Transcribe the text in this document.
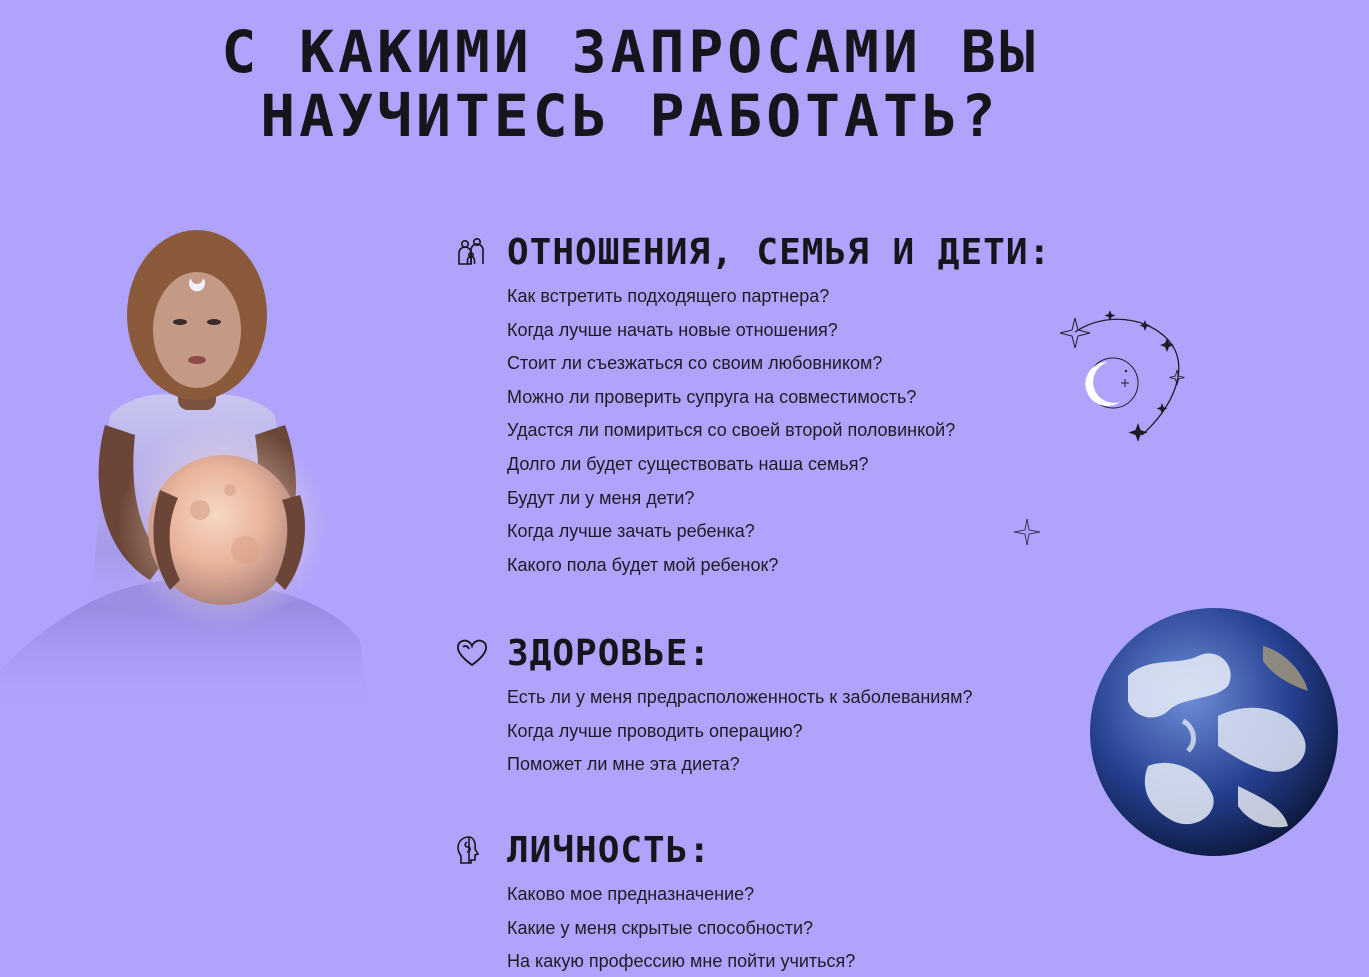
С КАКИМИ ЗАПРОСАМИ ВЫ
НАУЧИТЕСЬ РАБОТАТЬ?
ОТНОШЕНИЯ, СЕМЬЯ И ДЕТИ:
Как встретить подходящего партнера?
Когда лучше начать новые отношения?
Стоит ли съезжаться со своим любовником?
Можно ли проверить супруга на совместимость?
Удастся ли помириться со своей второй половинкой?
Долго ли будет существовать наша семья?
Будут ли у меня дети?
Когда лучше зачать ребенка?
Какого пола будет мой ребенок?
ЗДОРОВЬЕ:
Есть ли у меня предрасположенность к заболеваниям?
Когда лучше проводить операцию?
Поможет ли мне эта диета?
ЛИЧНОСТЬ:
Каково мое предназначение?
Какие у меня скрытые способности?
На какую профессию мне пойти учиться?
